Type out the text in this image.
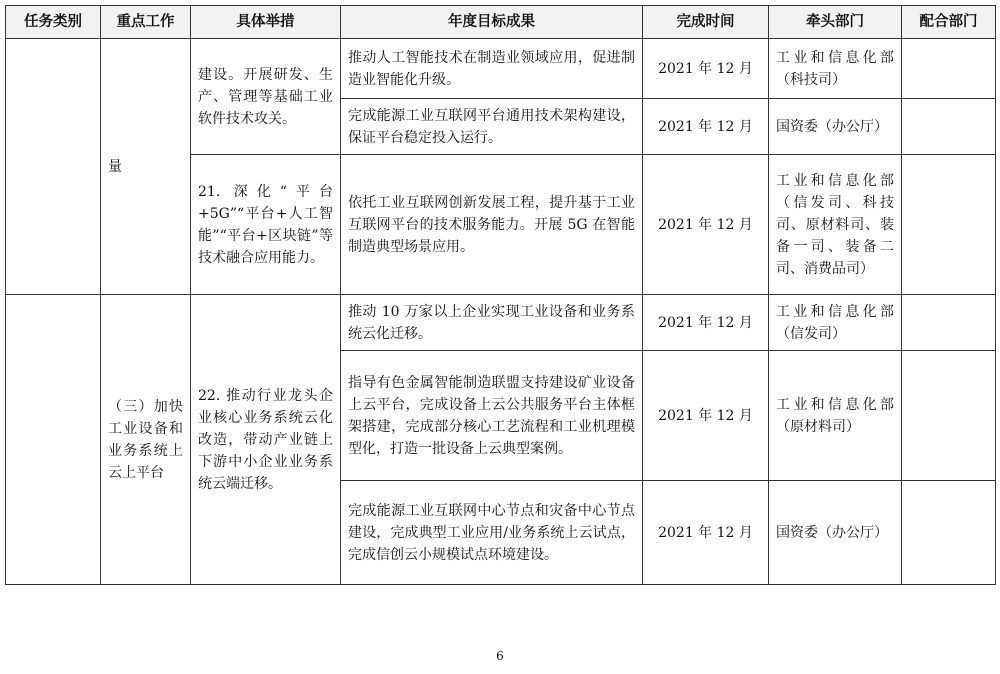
任务类别	重点工作	具体举措	年度目标成果	完成时间	牵头部门	配合部门
	量	建设。开展研发、生产、管理等基础工业软件技术攻关。	推动人工智能技术在制造业领域应用，促进制造业智能化升级。	2021 年 12 月	工业和信息化部（科技司）	
			完成能源工业互联网平台通用技术架构建设，保证平台稳定投入运行。	2021 年 12 月	国资委（办公厅）	
		21. 深化“平台+5G”“平台+人工智能”“平台+区块链”等技术融合应用能力。	依托工业互联网创新发展工程，提升基于工业互联网平台的技术服务能力。开展 5G 在智能制造典型场景应用。	2021 年 12 月	工业和信息化部（信发司、科技司、原材料司、装备一司、装备二司、消费品司）	
	（三）加快工业设备和业务系统上云上平台	22. 推动行业龙头企业核心业务系统云化改造，带动产业链上下游中小企业业务系统云端迁移。	推动 10 万家以上企业实现工业设备和业务系统云化迁移。	2021 年 12 月	工业和信息化部（信发司）	
			指导有色金属智能制造联盟支持建设矿业设备上云平台，完成设备上云公共服务平台主体框架搭建，完成部分核心工艺流程和工业机理模型化，打造一批设备上云典型案例。	2021 年 12 月	工业和信息化部（原材料司）	
			完成能源工业互联网中心节点和灾备中心节点建设，完成典型工业应用/业务系统上云试点，完成信创云小规模试点环境建设。	2021 年 12 月	国资委（办公厅）	
6
